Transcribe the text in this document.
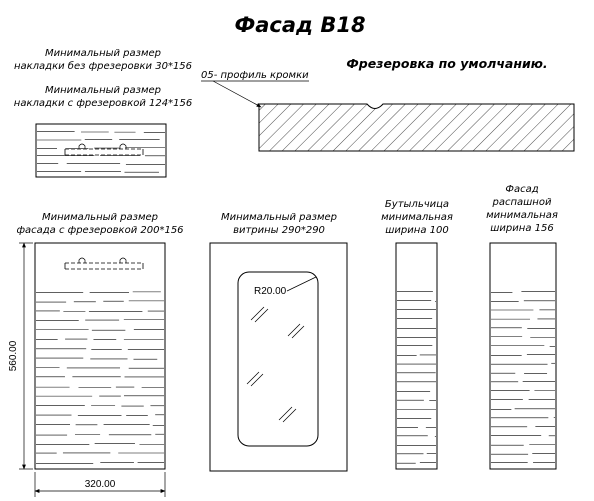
Фасад B18
Минимальный размер
накладки без фрезеровки 30*156
Минимальный размер
накладки с фрезеровкой 124*156
Фрезеровка по умолчанию.
05- профиль кромки
Минимальный размер
фасада с фрезеровкой 200*156
Минимальный размер
витрины 290*290
Бутыльчица
минимальная
ширина 100
Фасад
распашной
минимальная
ширина 156
560.00
320.00
R20.00
